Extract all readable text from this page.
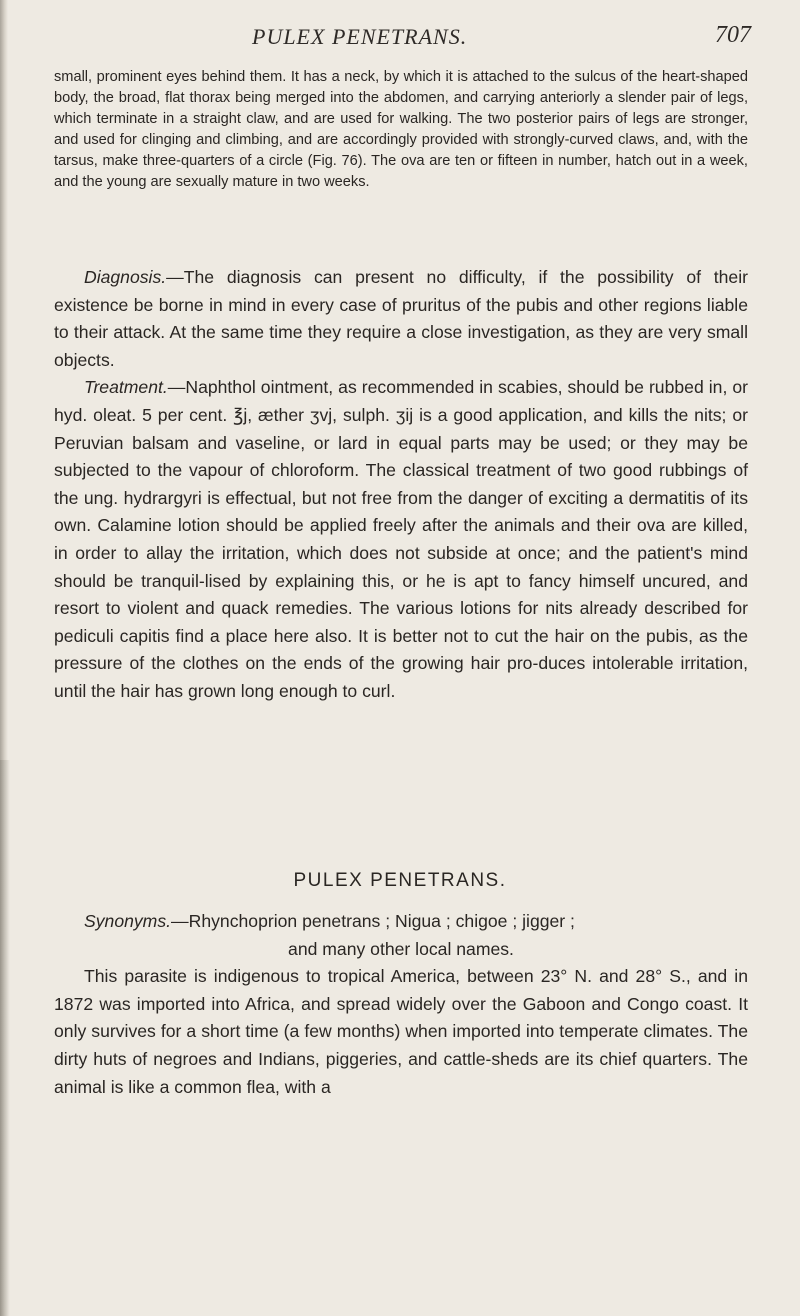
PULEX PENETRANS.	707

small, prominent eyes behind them. It has a neck, by which it is attached to the sulcus of the heart-shaped body, the broad, flat thorax being merged into the abdomen, and carrying anteriorly a slender pair of legs, which terminate in a straight claw, and are used for walking. The two posterior pairs of legs are stronger, and used for clinging and climbing, and are accordingly provided with strongly-curved claws, and, with the tarsus, make three-quarters of a circle (Fig. 76). The ova are ten or fifteen in number, hatch out in a week, and the young are sexually mature in two weeks.

Diagnosis.—The diagnosis can present no difficulty, if the possibility of their existence be borne in mind in every case of pruritus of the pubis and other regions liable to their attack. At the same time they require a close investigation, as they are very small objects.

Treatment.—Naphthol ointment, as recommended in scabies, should be rubbed in, or hyd. oleat. 5 per cent. ℥j, æther ʒvj, sulph. ʒij is a good application, and kills the nits; or Peruvian balsam and vaseline, or lard in equal parts may be used; or they may be subjected to the vapour of chloroform. The classical treatment of two good rubbings of the ung. hydrargyri is effectual, but not free from the danger of exciting a dermatitis of its own. Calamine lotion should be applied freely after the animals and their ova are killed, in order to allay the irritation, which does not subside at once; and the patient's mind should be tranquil-lised by explaining this, or he is apt to fancy himself uncured, and resort to violent and quack remedies. The various lotions for nits already described for pediculi capitis find a place here also. It is better not to cut the hair on the pubis, as the pressure of the clothes on the ends of the growing hair pro-duces intolerable irritation, until the hair has grown long enough to curl.

PULEX PENETRANS.

Synonyms.—Rhynchoprion penetrans ; Nigua ; chigoe ; jigger ;

and many other local names.

This parasite is indigenous to tropical America, between 23° N. and 28° S., and in 1872 was imported into Africa, and spread widely over the Gaboon and Congo coast. It only survives for a short time (a few months) when imported into temperate climates. The dirty huts of negroes and Indians, piggeries, and cattle-sheds are its chief quarters. The animal is like a common flea, with a
